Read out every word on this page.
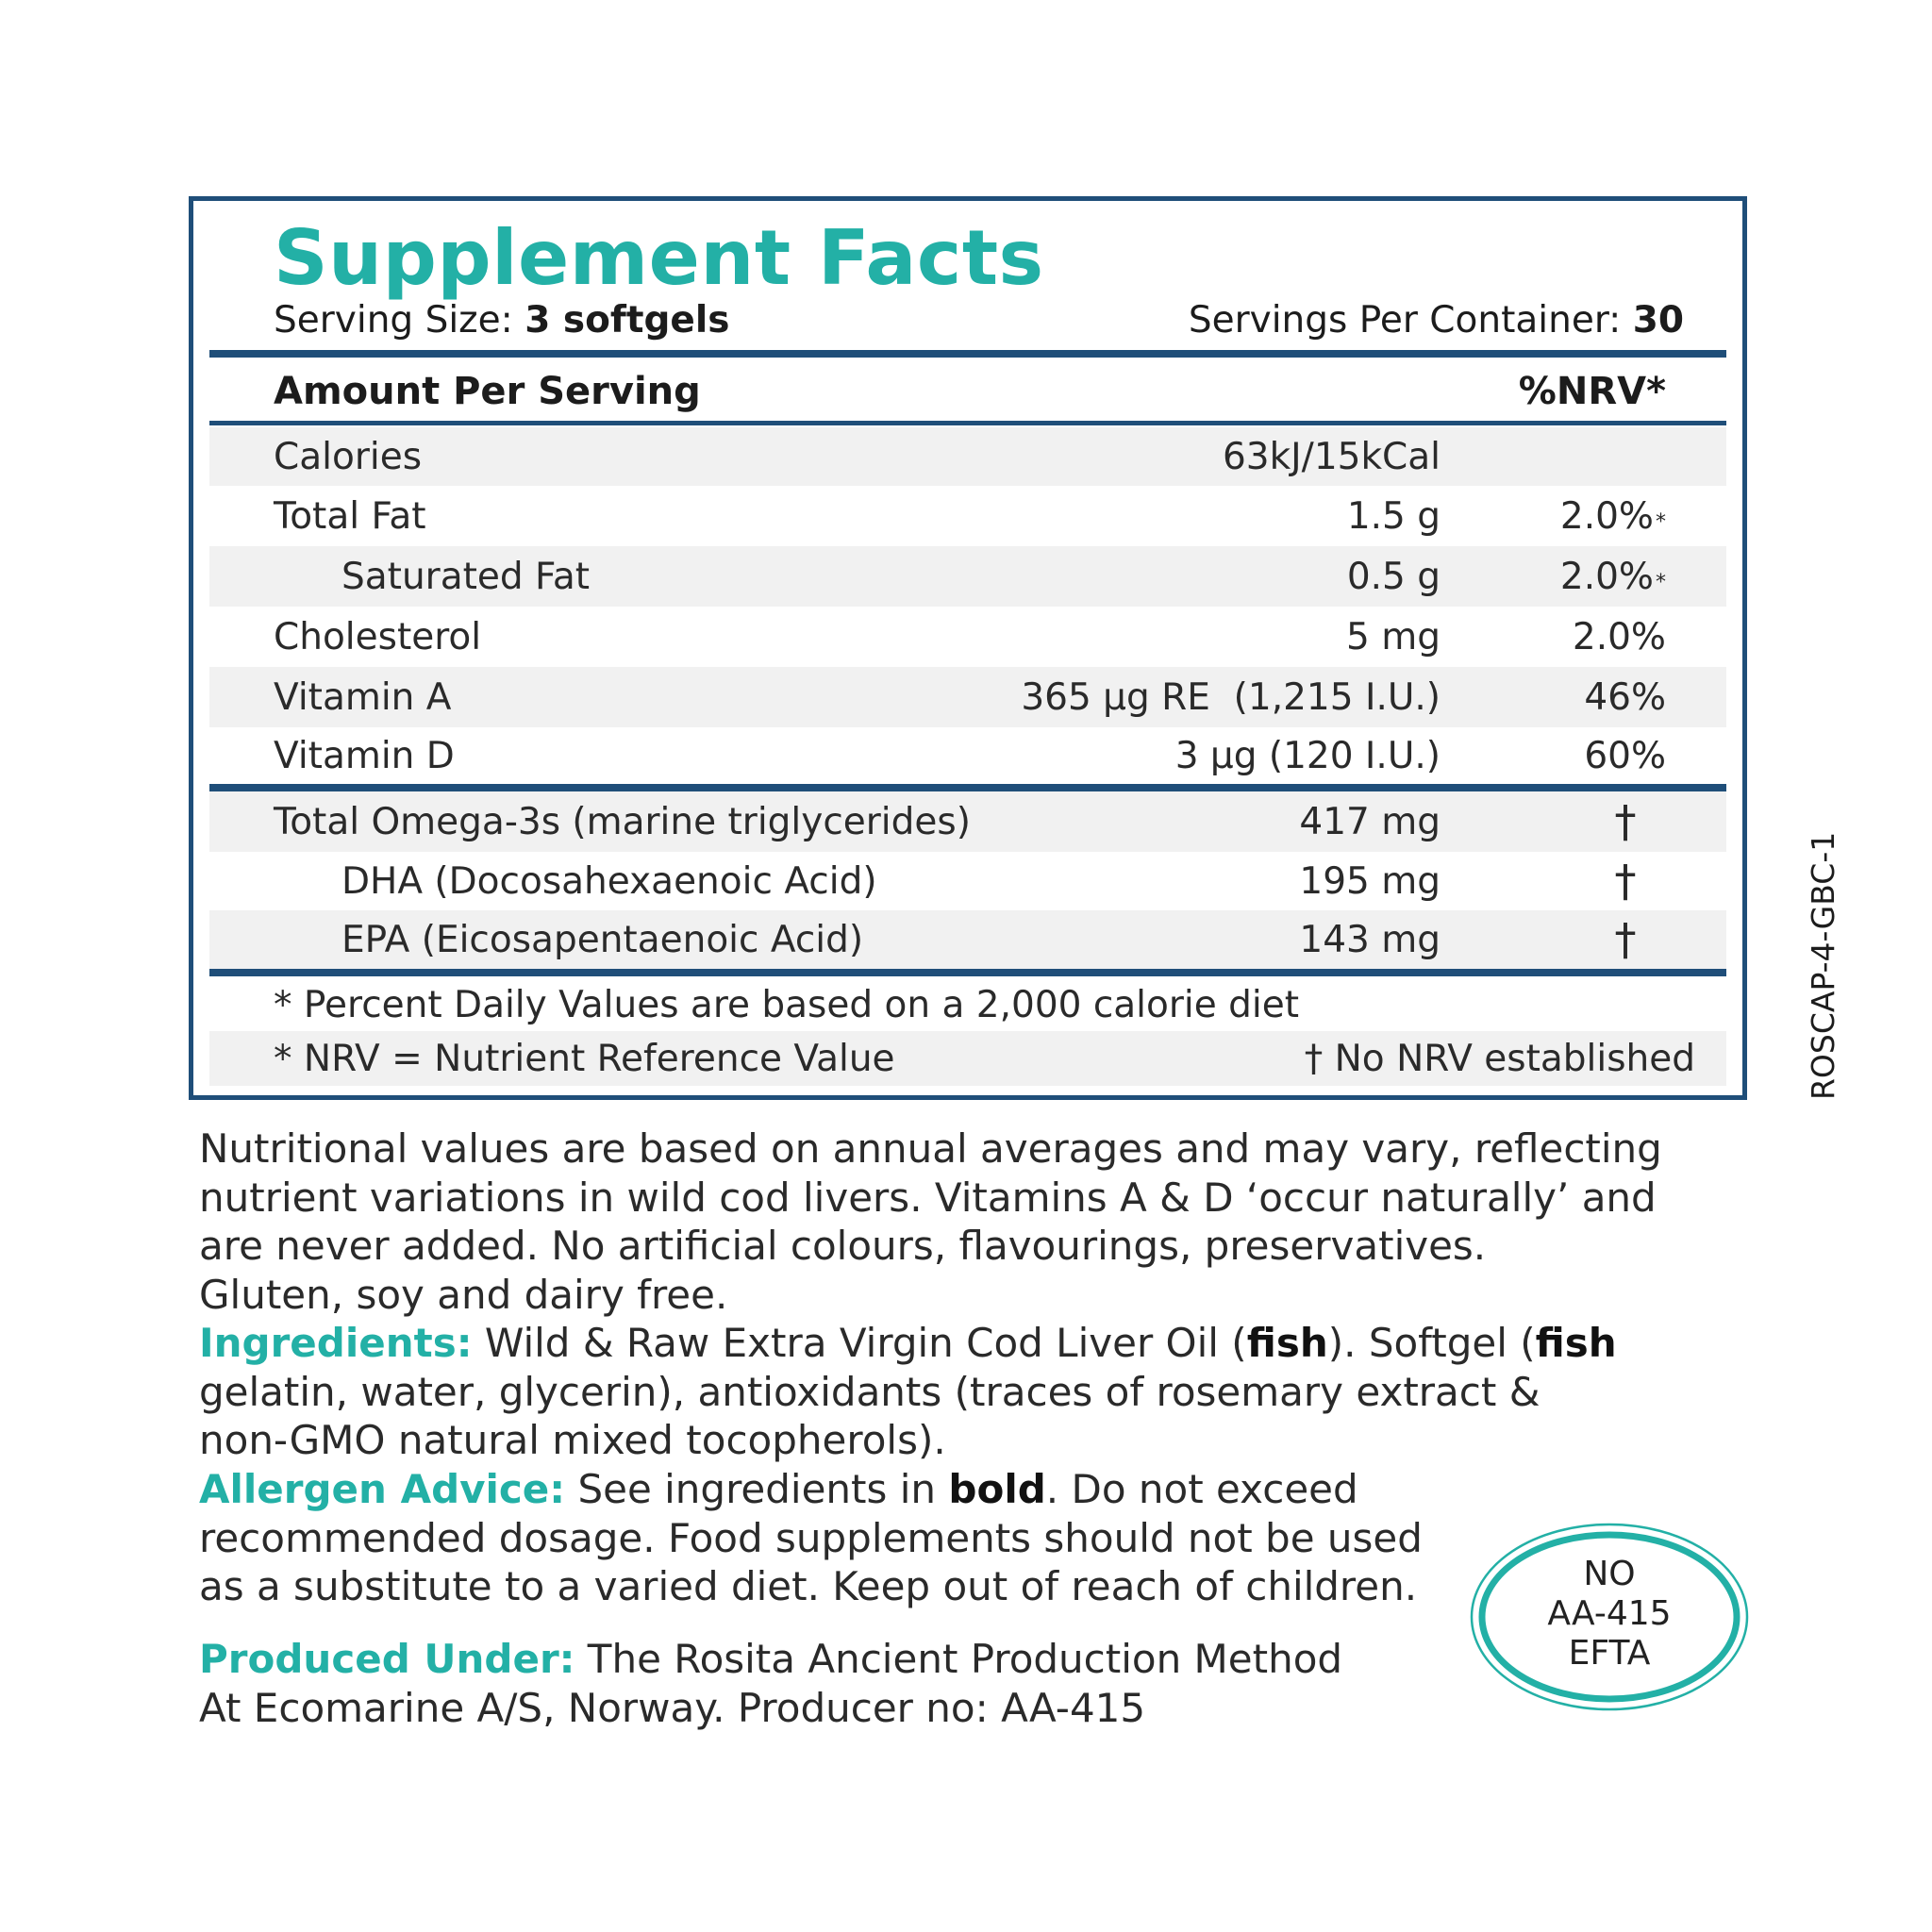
Supplement Facts
Serving Size: 3 softgels	Servings Per Container: 30
Amount Per Serving	%NRV*
Calories	63kJ/15kCal
Total Fat	1.5 g	2.0%*
Saturated Fat	0.5 g	2.0%*
Cholesterol	5 mg	2.0%
Vitamin A	365 µg RE  (1,215 I.U.)	46%
Vitamin D	3 µg (120 I.U.)	60%
Total Omega-3s (marine triglycerides)	417 mg	†
DHA (Docosahexaenoic Acid)	195 mg	†
EPA (Eicosapentaenoic Acid)	143 mg	†
* Percent Daily Values are based on a 2,000 calorie diet
* NRV = Nutrient Reference Value	† No NRV established	ROSCAP-4-GBC-1
Nutritional values are based on annual averages and may vary, reflecting
nutrient variations in wild cod livers. Vitamins A & D ‘occur naturally’ and
are never added. No artificial colours, flavourings, preservatives.
Gluten, soy and dairy free.
Ingredients: Wild & Raw Extra Virgin Cod Liver Oil (fish). Softgel (fish
gelatin, water, glycerin), antioxidants (traces of rosemary extract &
non-GMO natural mixed tocopherols).
Allergen Advice: See ingredients in bold. Do not exceed
recommended dosage. Food supplements should not be used
as a substitute to a varied diet. Keep out of reach of children.
Produced Under: The Rosita Ancient Production Method
At Ecomarine A/S, Norway. Producer no: AA-415
NO
AA-415
EFTA
